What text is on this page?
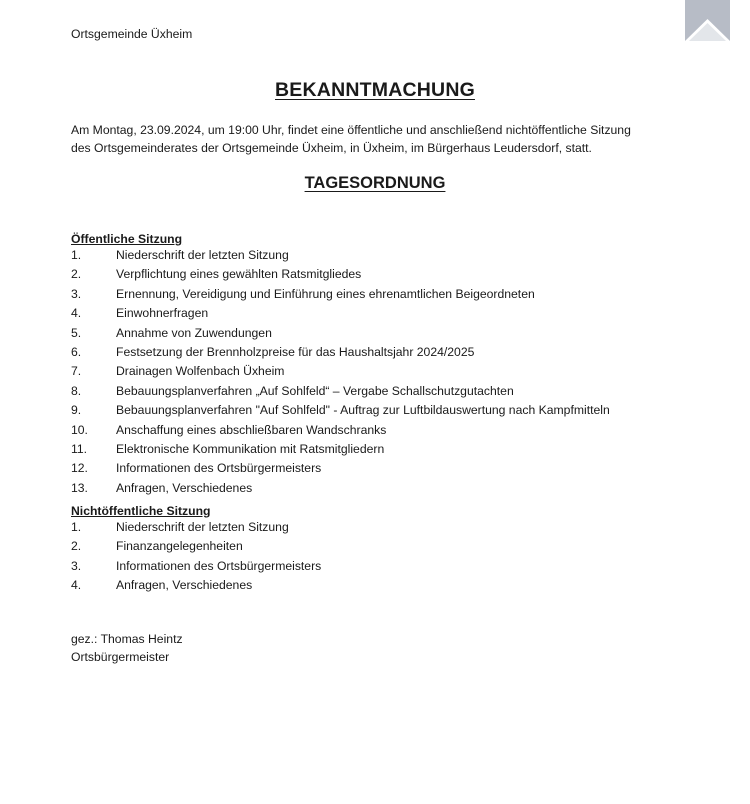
Ortsgemeinde Üxheim
BEKANNTMACHUNG
Am Montag, 23.09.2024, um 19:00 Uhr, findet eine öffentliche und anschließend nichtöffentliche Sitzung
des Ortsgemeinderates der Ortsgemeinde Üxheim, in Üxheim, im Bürgerhaus Leudersdorf, statt.
TAGESORDNUNG
Öffentliche Sitzung
1.	Niederschrift der letzten Sitzung
2.	Verpflichtung eines gewählten Ratsmitgliedes
3.	Ernennung, Vereidigung und Einführung eines ehrenamtlichen Beigeordneten
4.	Einwohnerfragen
5.	Annahme von Zuwendungen
6.	Festsetzung der Brennholzpreise für das Haushaltsjahr 2024/2025
7.	Drainagen Wolfenbach Üxheim
8.	Bebauungsplanverfahren „Auf Sohlfeld“ – Vergabe Schallschutzgutachten
9.	Bebauungsplanverfahren "Auf Sohlfeld" - Auftrag zur Luftbildauswertung nach Kampfmitteln
10.	Anschaffung eines abschließbaren Wandschranks
11.	Elektronische Kommunikation mit Ratsmitgliedern
12.	Informationen des Ortsbürgermeisters
13.	Anfragen, Verschiedenes
Nichtöffentliche Sitzung
1.	Niederschrift der letzten Sitzung
2.	Finanzangelegenheiten
3.	Informationen des Ortsbürgermeisters
4.	Anfragen, Verschiedenes
gez.: Thomas Heintz
Ortsbürgermeister
